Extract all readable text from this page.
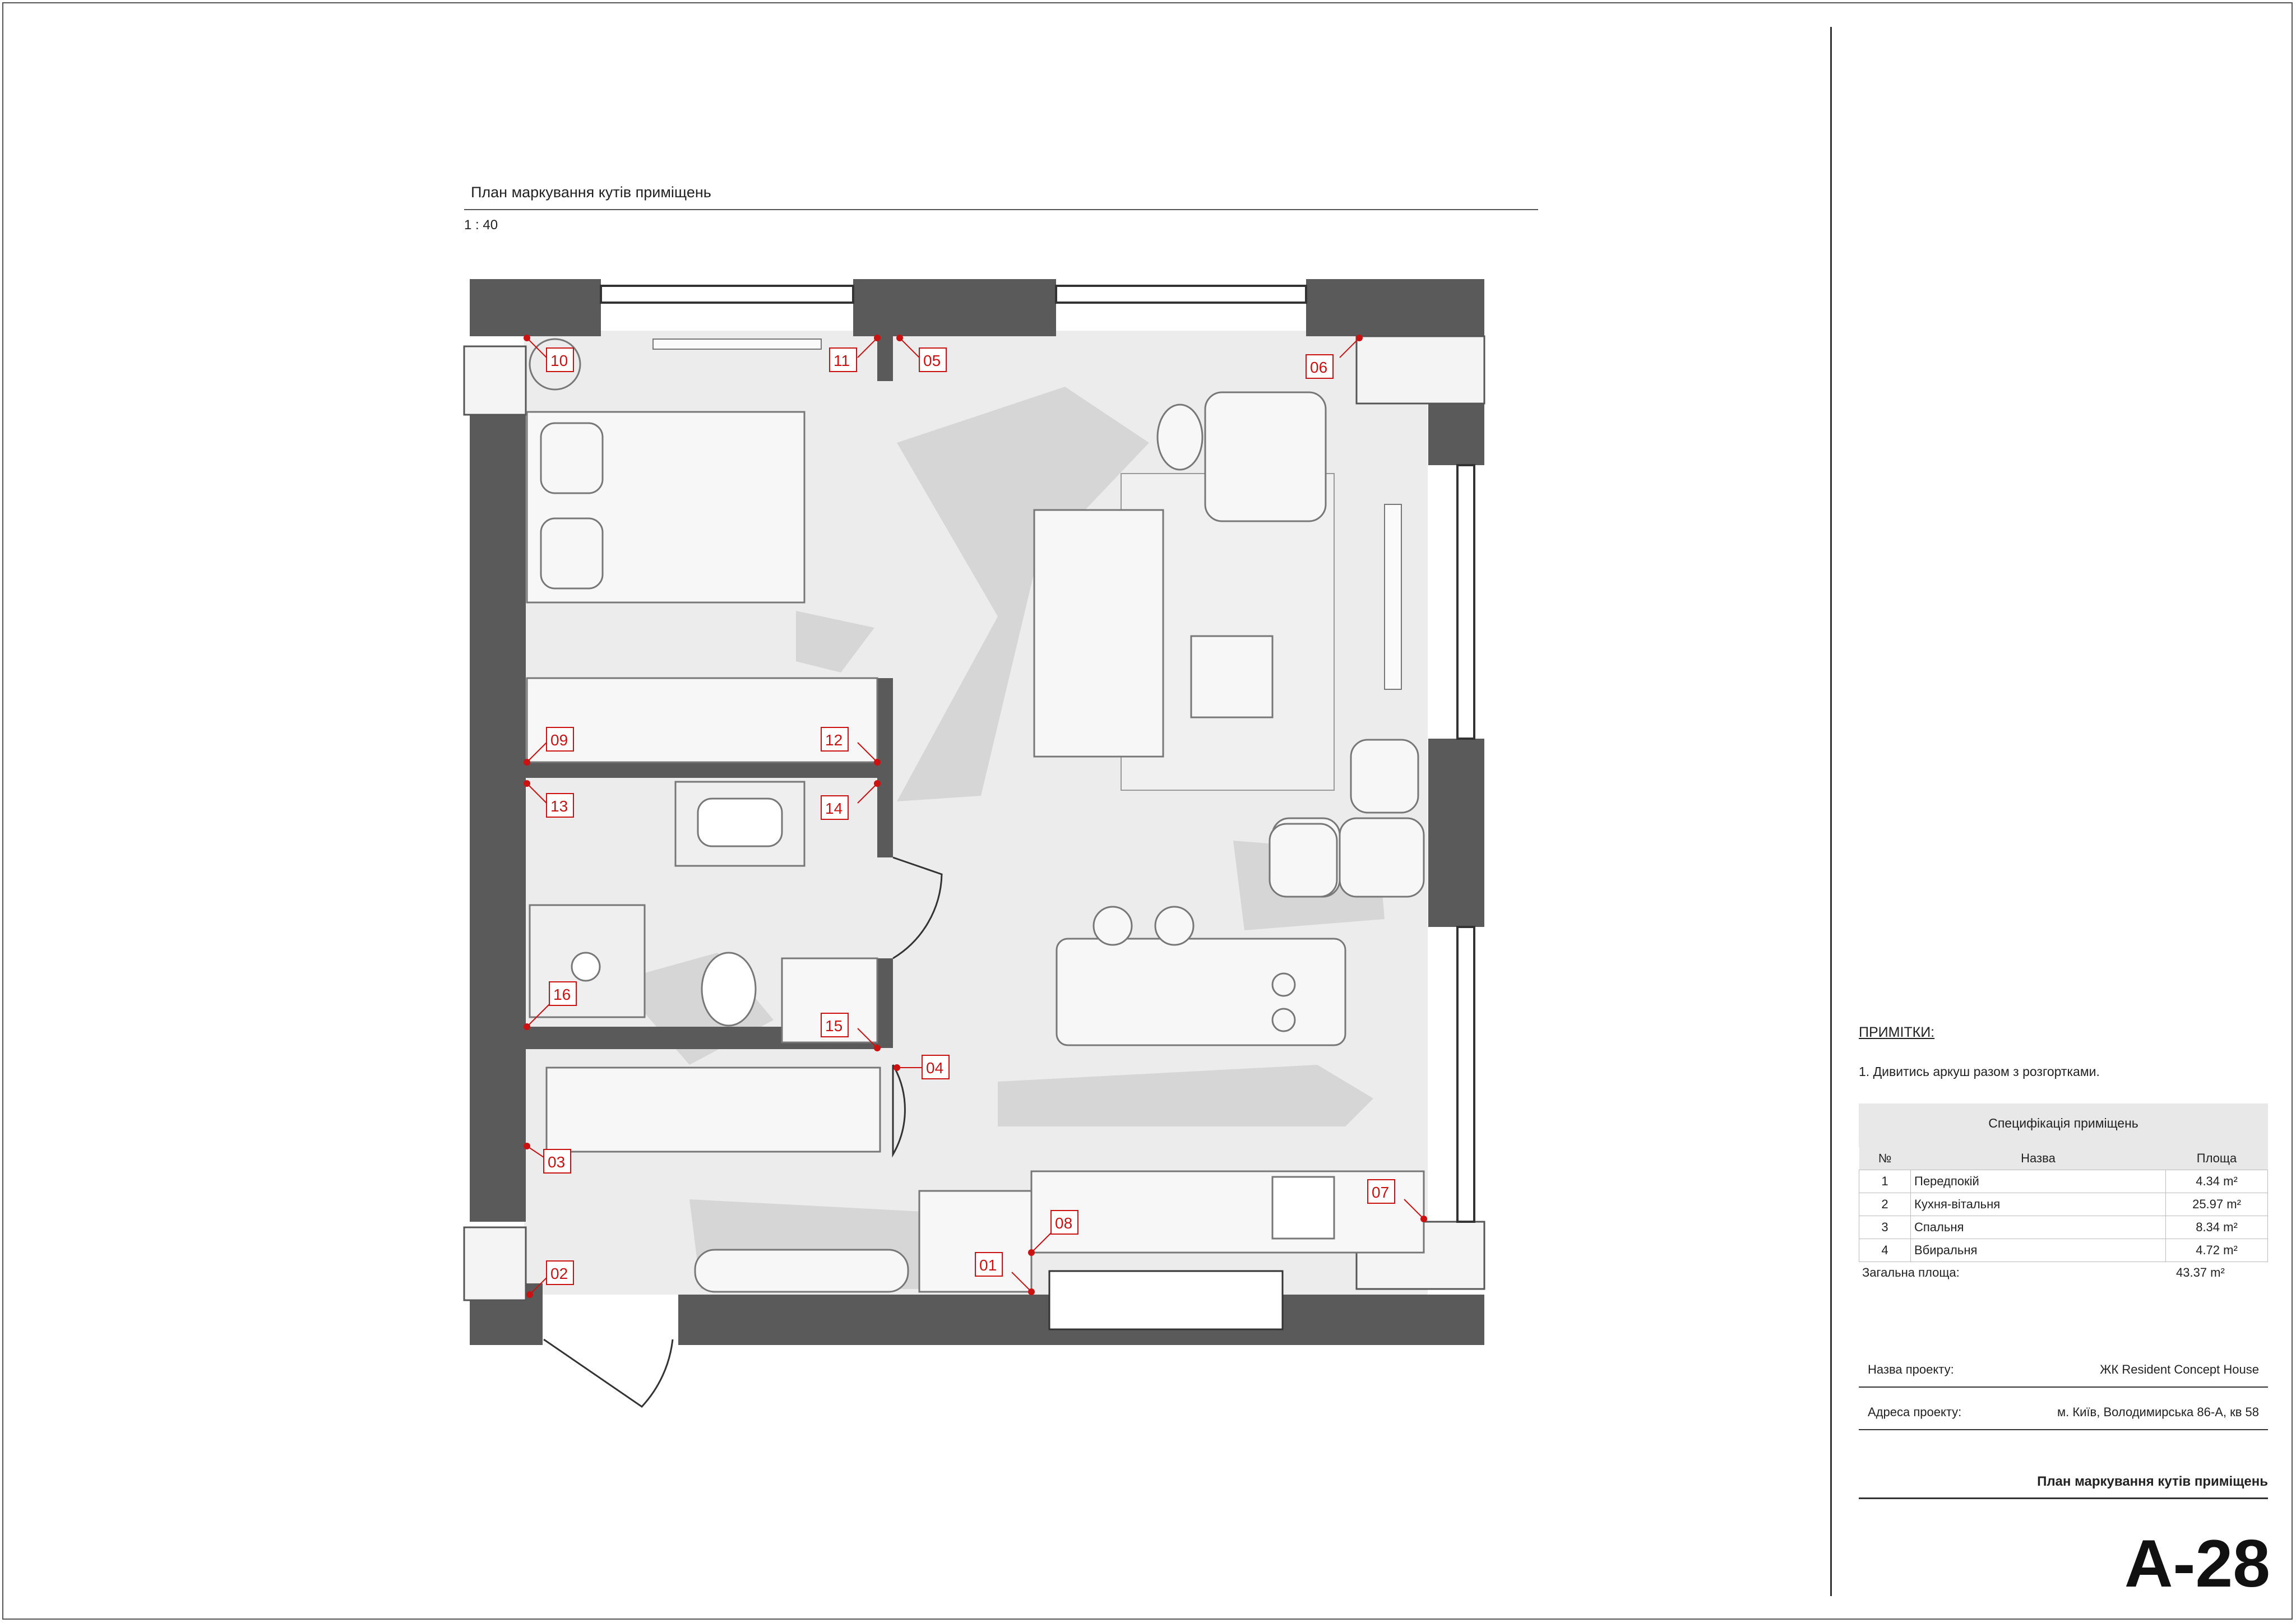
План маркування кутів приміщень
1 : 40
10	11	05	06
09	12
13	14
16
15
04
03
02	01
08
07
ПРИМІТКИ:
1. Дивитись аркуш разом з розгортками.
Специфікація приміщень
№	Назва	Площа
1	Передпокій	4.34 m²
2	Кухня-вітальня	25.97 m²
3	Спальня	8.34 m²
4	Вбиральня	4.72 m²
Загальна площа:	43.37 m²
Назва проекту:	ЖК Resident Concept House
Адреса проекту:	м. Київ, Володимирська 86-А, кв 58
План маркування кутів приміщень
A-28
